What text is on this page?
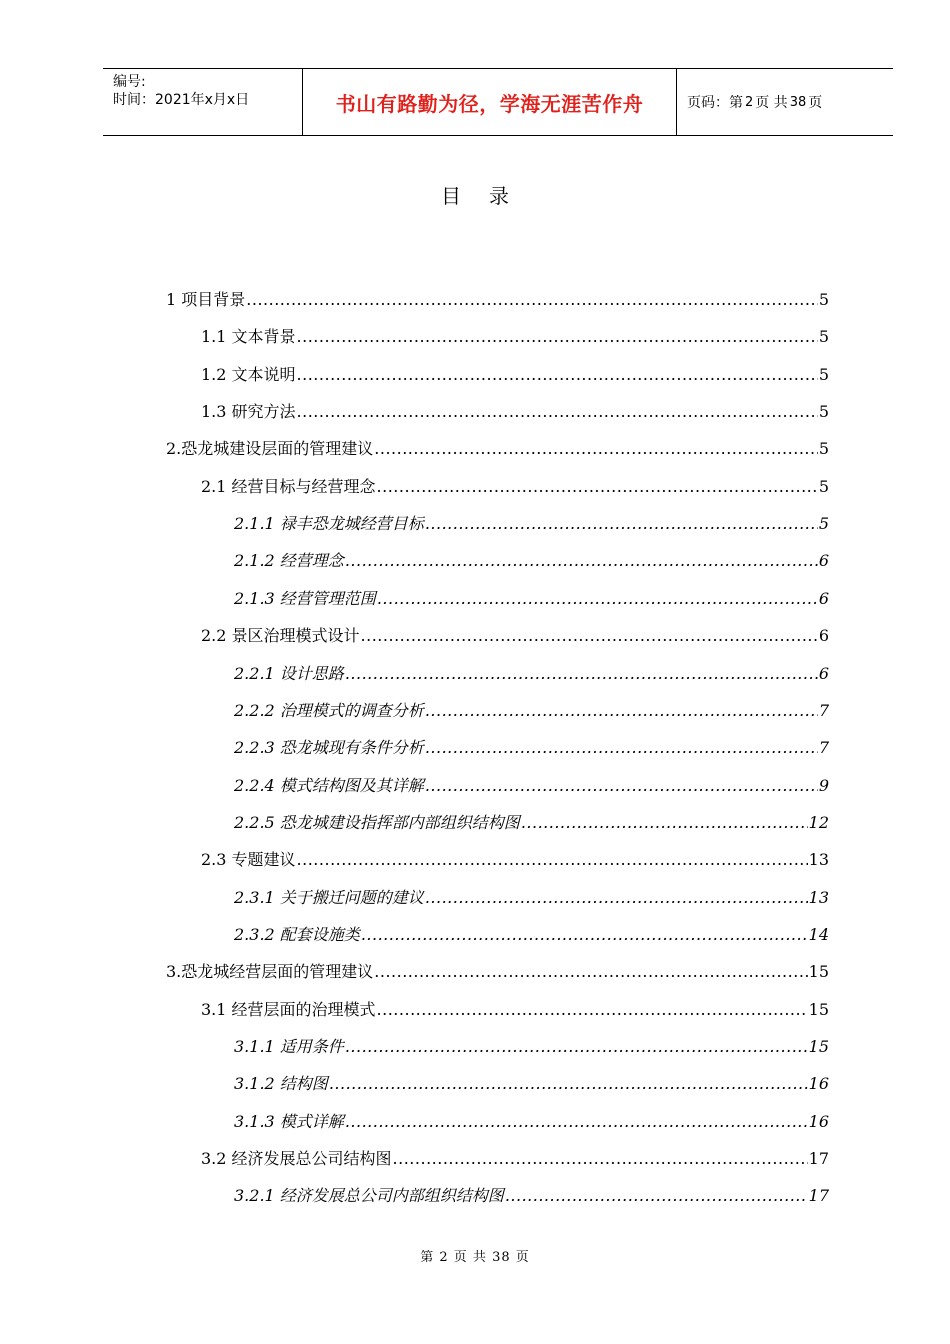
编号:
时间：2021年x月x日	书山有路勤为径，学海无涯苦作舟	页码：第 2 页 共 38 页
目录
1 项目背景 .....	5
1.1 文本背景 .....	5
1.2 文本说明 .....	5
1.3 研究方法 .....	5
2.恐龙城建设层面的管理建议 .....	5
2.1 经营目标与经营理念 .....	5
2.1.1 禄丰恐龙城经营目标 .....	5
2.1.2 经营理念 .....	6
2.1.3 经营管理范围 .....	6
2.2 景区治理模式设计 .....	6
2.2.1 设计思路 .....	6
2.2.2 治理模式的调查分析 .....	7
2.2.3 恐龙城现有条件分析 .....	7
2.2.4 模式结构图及其详解 .....	9
2.2.5 恐龙城建设指挥部内部组织结构图 .....	12
2.3 专题建议 .....	13
2.3.1 关于搬迁问题的建议 .....	13
2.3.2 配套设施类 .....	14
3.恐龙城经营层面的管理建议 .....	15
3.1 经营层面的治理模式 .....	15
3.1.1 适用条件 .....	15
3.1.2 结构图 .....	16
3.1.3 模式详解 .....	16
3.2 经济发展总公司结构图 .....	17
3.2.1 经济发展总公司内部组织结构图 .....	17
第 2 页 共 38 页
